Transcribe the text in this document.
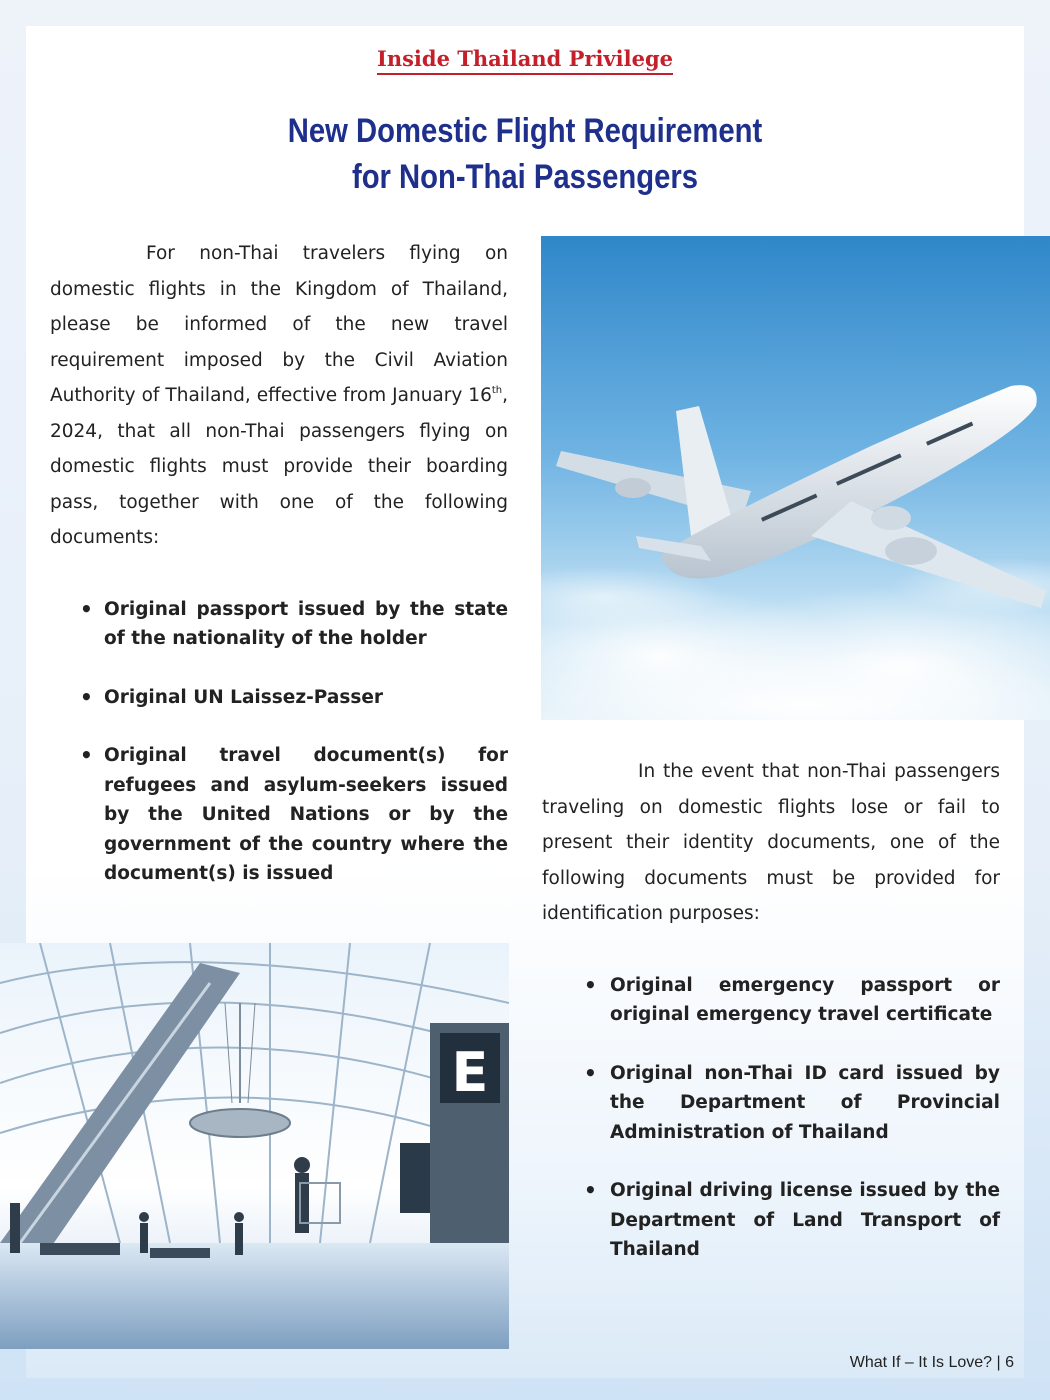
Inside Thailand Privilege
New Domestic Flight Requirement
for Non-Thai Passengers

For non-Thai travelers flying on domestic flights in the Kingdom of Thailand, please be informed of the new travel requirement imposed by the Civil Aviation Authority of Thailand, effective from January 16th, 2024, that all non-Thai passengers flying on domestic flights must provide their boarding pass, together with one of the following documents:

• Original passport issued by the state of the nationality of the holder
• Original UN Laissez-Passer
• Original travel document(s) for refugees and asylum-seekers issued by the United Nations or by the government of the country where the document(s) is issued

In the event that non-Thai passengers traveling on domestic flights lose or fail to present their identity documents, one of the following documents must be provided for identification purposes:

• Original emergency passport or original emergency travel certificate
• Original non-Thai ID card issued by the Department of Provincial Administration of Thailand
• Original driving license issued by the Department of Land Transport of Thailand
E
What If – It Is Love? | 6
